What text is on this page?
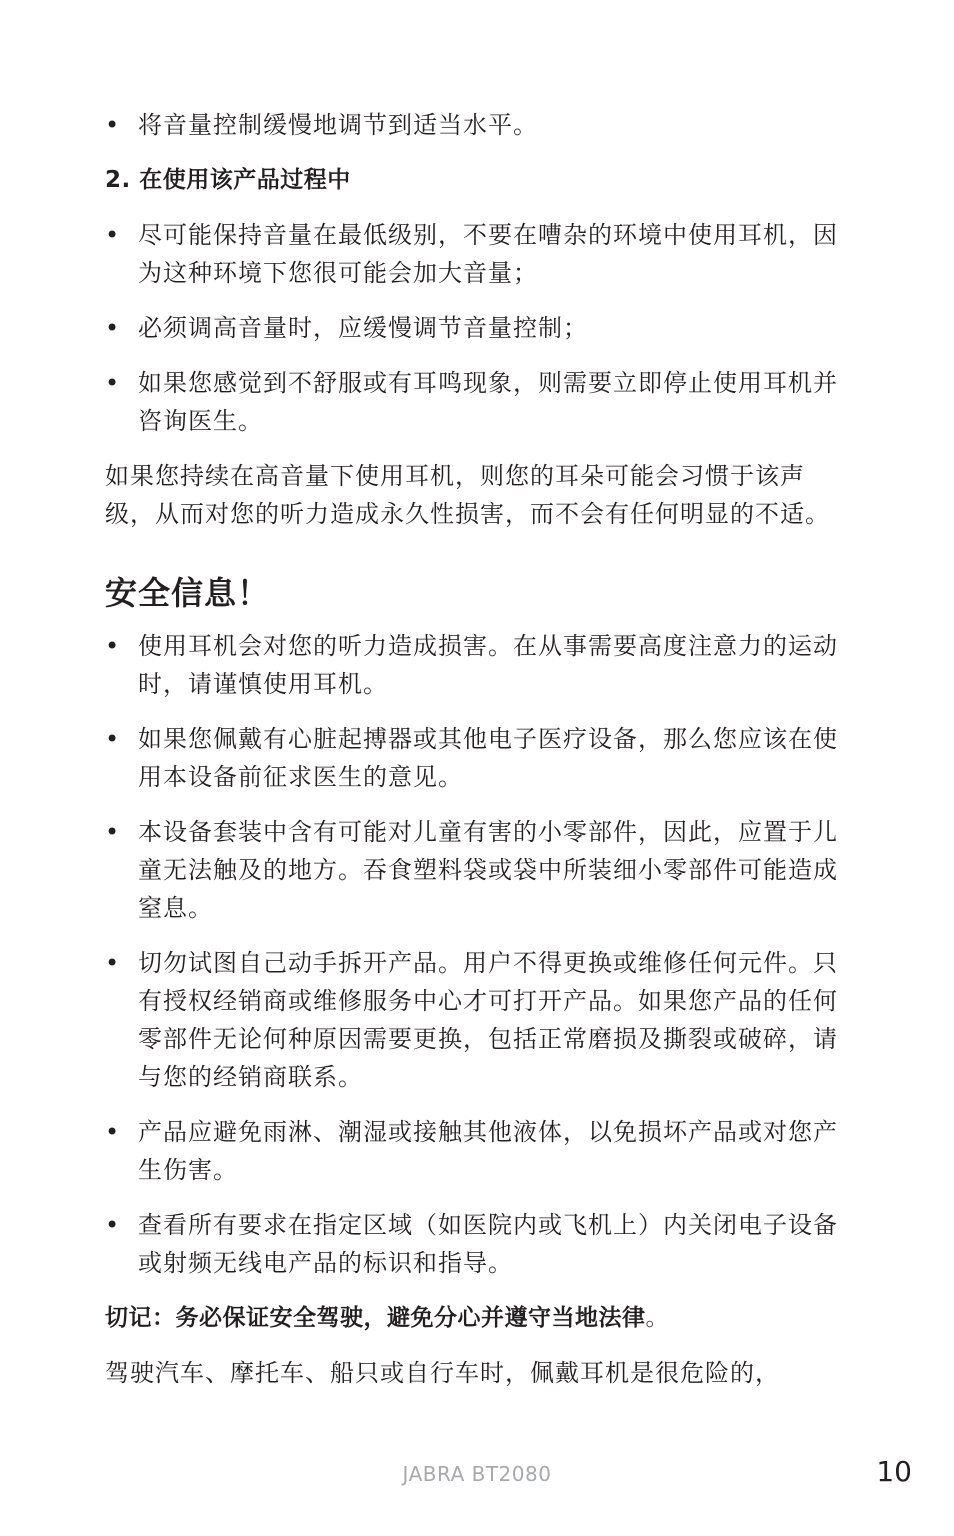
• 将音量控制缓慢地调节到适当水平。
2. 在使用该产品过程中
• 尽可能保持音量在最低级别，不要在嘈杂的环境中使用耳机，因为这种环境下您很可能会加大音量；
• 必须调高音量时，应缓慢调节音量控制；
• 如果您感觉到不舒服或有耳鸣现象，则需要立即停止使用耳机并咨询医生。
如果您持续在高音量下使用耳机，则您的耳朵可能会习惯于该声级，从而对您的听力造成永久性损害，而不会有任何明显的不适。
安全信息！
• 使用耳机会对您的听力造成损害。在从事需要高度注意力的运动时，请谨慎使用耳机。
• 如果您佩戴有心脏起搏器或其他电子医疗设备，那么您应该在使用本设备前征求医生的意见。
• 本设备套装中含有可能对儿童有害的小零部件，因此，应置于儿童无法触及的地方。吞食塑料袋或袋中所装细小零部件可能造成窒息。
• 切勿试图自己动手拆开产品。用户不得更换或维修任何元件。只有授权经销商或维修服务中心才可打开产品。如果您产品的任何零部件无论何种原因需要更换，包括正常磨损及撕裂或破碎，请与您的经销商联系。
• 产品应避免雨淋、潮湿或接触其他液体，以免损坏产品或对您产生伤害。
• 查看所有要求在指定区域（如医院内或飞机上）内关闭电子设备或射频无线电产品的标识和指导。
切记：务必保证安全驾驶，避免分心并遵守当地法律。
驾驶汽车、摩托车、船只或自行车时，佩戴耳机是很危险的，
JABRA BT2080	10
